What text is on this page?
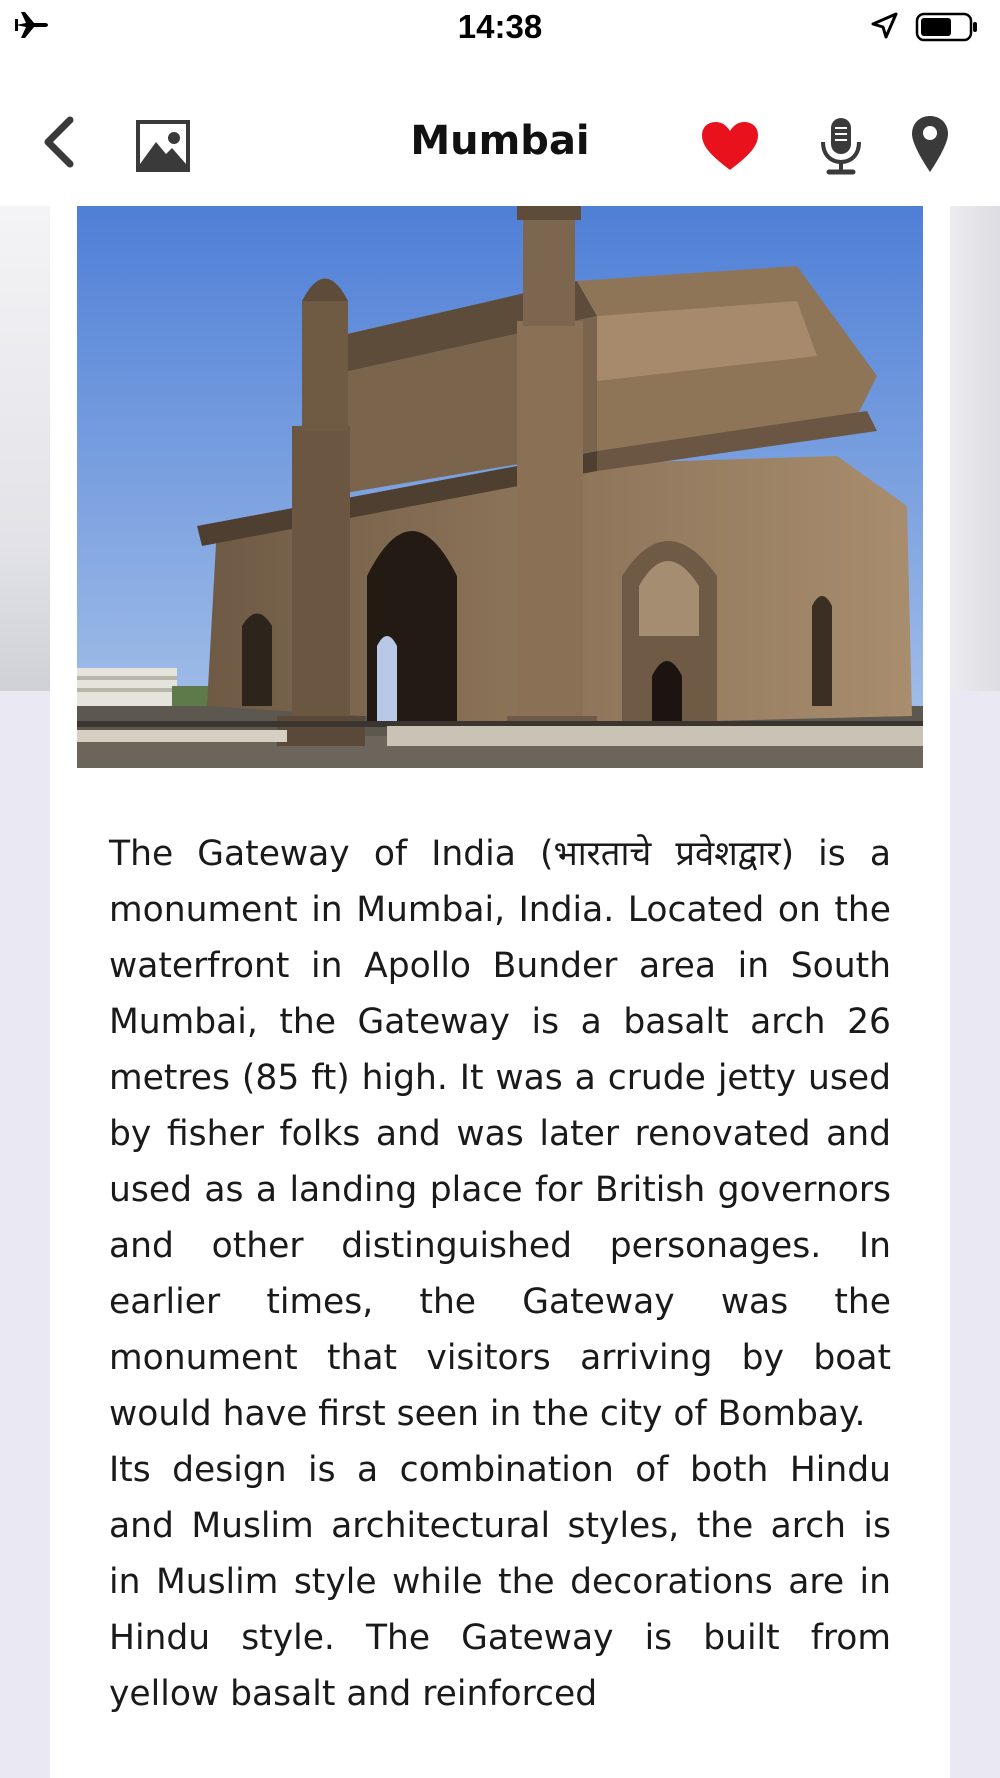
14:38
Mumbai

The Gateway of India (भारताचे प्रवेशद्वार) is a monument in Mumbai, India. Located on the waterfront in Apollo Bunder area in South Mumbai, the Gateway is a basalt arch 26 metres (85 ft) high. It was a crude jetty used by fisher folks and was later renovated and used as a landing place for British governors and other distinguished personages. In earlier times, the Gateway was the monument that visitors arriving by boat would have first seen in the city of Bombay.

Its design is a combination of both Hindu and Muslim architectural styles, the arch is in Muslim style while the decorations are in Hindu style. The Gateway is built from yellow basalt and reinforced
